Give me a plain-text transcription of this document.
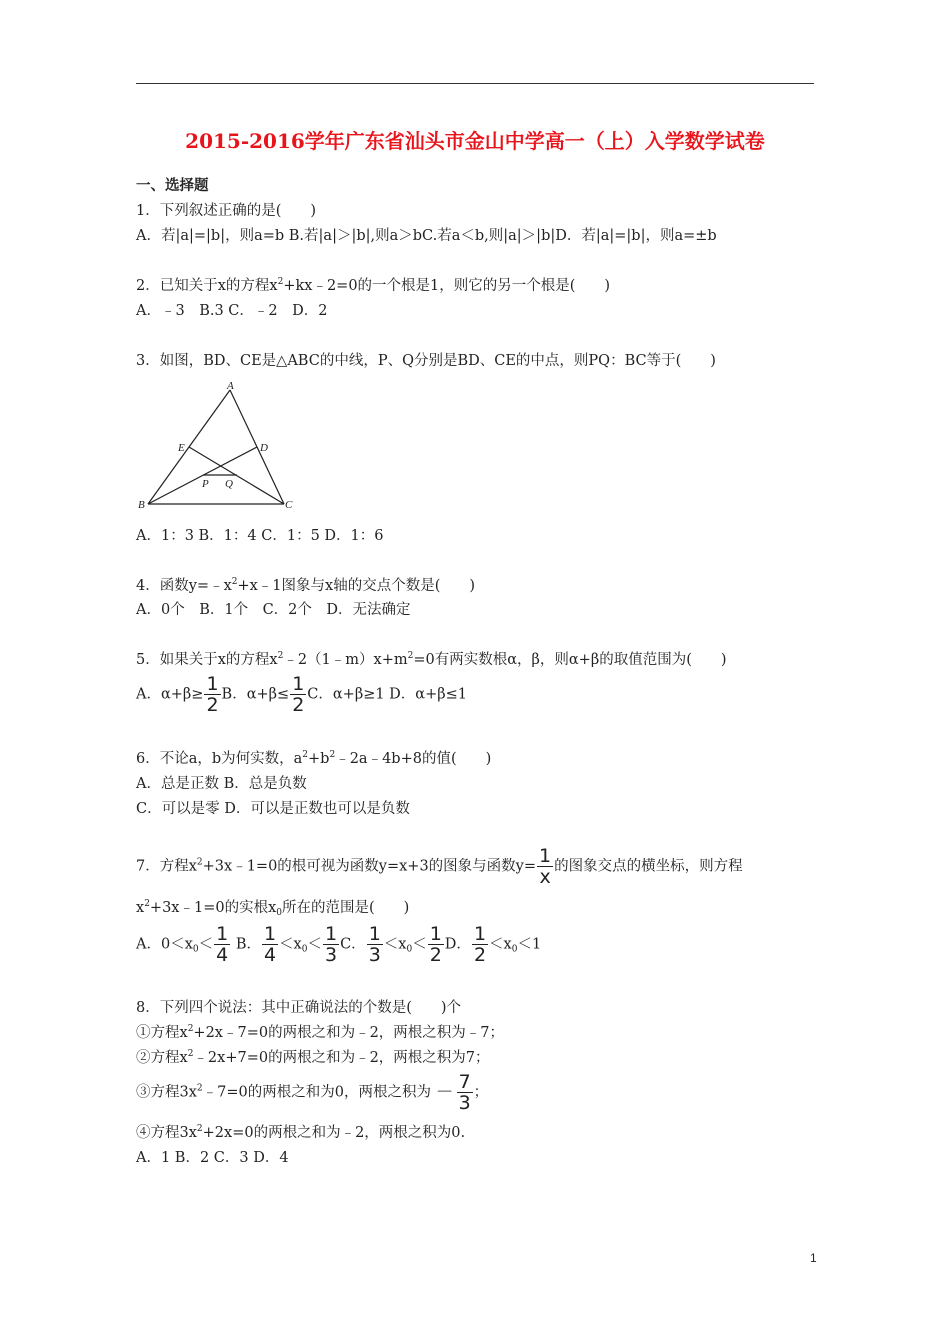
2015-2016学年广东省汕头市金山中学高一（上）入学数学试卷
一、选择题
1．下列叙述正确的是(　　)
A．若|a|=|b|，则a=b B.若|a|＞|b|,则a＞bC.若a＜b,则|a|＞|b|D．若|a|=|b|，则a=±b
2．已知关于x的方程$x^2+kx﹣2=0$的一个根是1，则它的另一个根是(　　)
A．﹣3　B.3 C．﹣2　D．2
3．如图，BD、CE是△ABC的中线，P、Q分别是BD、CE的中点，则PQ：BC等于(　　)
A
B	C
D
E
P Q
A．1：3 B．1：4 C．1：5 D．1：6
4．函数$y=﹣x^2+x﹣1$图象与x轴的交点个数是(　　)
A．0个　B．1个　C．2个　D．无法确定
5．如果关于x的方程$x^2﹣2(1﹣m)x+m^2=0$有两实数根α，β，则α+β的取值范围为(　　)
A．$\alpha+\beta\ge \frac{1}{2}$ B．$\alpha+\beta\le \frac{1}{2}$ C．α+β≥1 D．α+β≤1
6．不论a，b为何实数，$a^2+b^2﹣2a﹣4b+8$的值(　　)
A．总是正数 B．总是负数
C．可以是零 D．可以是正数也可以是负数
7．方程$x^2+3x﹣1=0$的根可视为函数y=x+3的图象与函数$y= \frac{1}{x}$ 的图象交点的横坐标，则方程
$x^2+3x﹣1=0$的实根$x_0$所在的范围是(　　)
A．$0<x_0< \frac{1}{4}$ B． $\frac{1}{4} <x_0< \frac{1}{3}$ C． $\frac{1}{3} <x_0< \frac{1}{2}$ D． $\frac{1}{2} <x_0<1$
8．下列四个说法：其中正确说法的个数是(　　)个
①方程$x^2+2x﹣7=0$的两根之和为﹣2，两根之积为﹣7；
②方程$x^2﹣2x+7=0$的两根之和为﹣2，两根之积为7；
③方程$3x^2﹣7=0$的两根之和为0，两根之积为 － $\frac{7}{3}$ ；
④方程$3x^2+2x=0$的两根之和为﹣2，两根之积为0.
A．1 B．2 C．3 D．4
1
